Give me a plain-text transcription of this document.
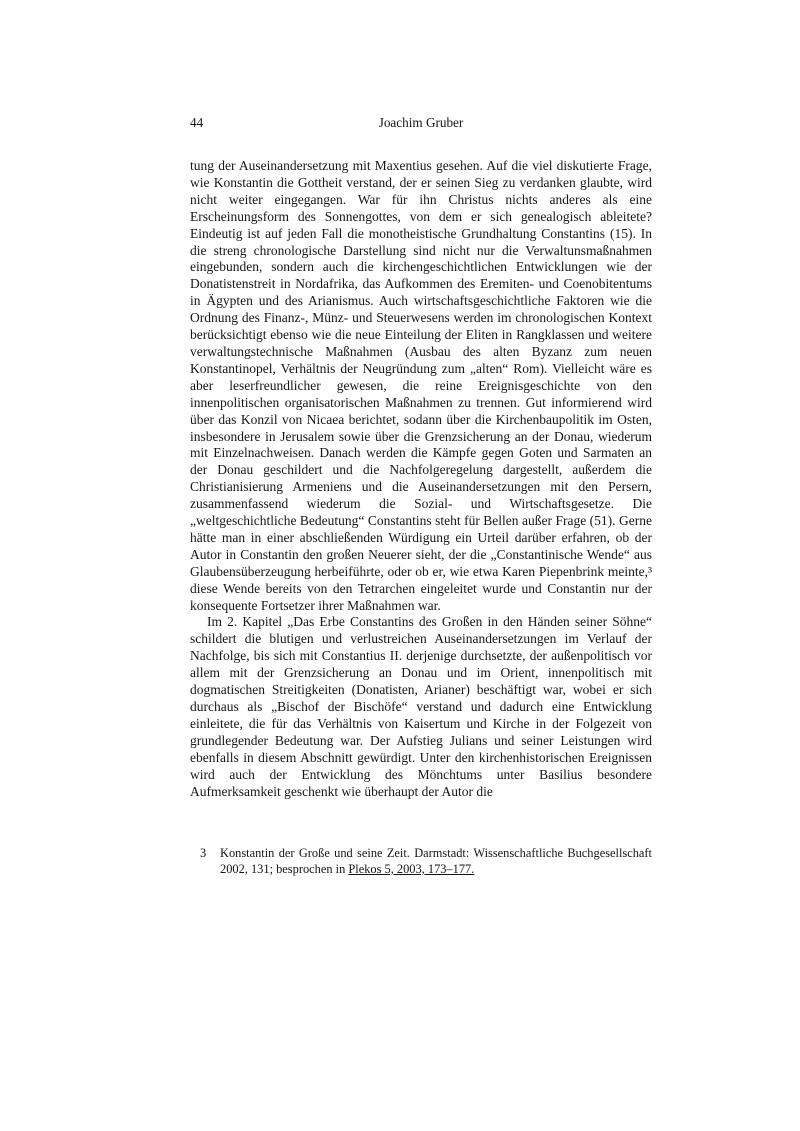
44	Joachim Gruber

tung der Auseinandersetzung mit Maxentius gesehen. Auf die viel diskutierte Frage, wie Konstantin die Gottheit verstand, der er seinen Sieg zu verdanken glaubte, wird nicht weiter eingegangen. War für ihn Christus nichts anderes als eine Erscheinungsform des Sonnengottes, von dem er sich genealogisch ableitete? Eindeutig ist auf jeden Fall die monotheistische Grundhaltung Constantins (15). In die streng chronologische Darstellung sind nicht nur die Verwaltunsmaßnahmen eingebunden, sondern auch die kirchengeschichtlichen Entwicklungen wie der Donatistenstreit in Nordafrika, das Aufkommen des Eremiten- und Coenobitentums in Ägypten und des Arianismus. Auch wirtschaftsgeschichtliche Faktoren wie die Ordnung des Finanz-, Münz- und Steuerwesens werden im chronologischen Kontext berücksichtigt ebenso wie die neue Einteilung der Eliten in Rangklassen und weitere verwaltungstechnische Maßnahmen (Ausbau des alten Byzanz zum neuen Konstantinopel, Verhältnis der Neugründung zum „alten“ Rom). Vielleicht wäre es aber leserfreundlicher gewesen, die reine Ereignisgeschichte von den innenpolitischen organisatorischen Maßnahmen zu trennen. Gut informierend wird über das Konzil von Nicaea berichtet, sodann über die Kirchenbaupolitik im Osten, insbesondere in Jerusalem sowie über die Grenzsicherung an der Donau, wiederum mit Einzelnachweisen. Danach werden die Kämpfe gegen Goten und Sarmaten an der Donau geschildert und die Nachfolgeregelung dargestellt, außerdem die Christianisierung Armeniens und die Auseinandersetzungen mit den Persern, zusammenfassend wiederum die Sozial- und Wirtschaftsgesetze. Die „weltgeschichtliche Bedeutung“ Constantins steht für Bellen außer Frage (51). Gerne hätte man in einer abschließenden Würdigung ein Urteil darüber erfahren, ob der Autor in Constantin den großen Neuerer sieht, der die „Constantinische Wende“ aus Glaubensüberzeugung herbeiführte, oder ob er, wie etwa Karen Piepenbrink meinte,³ diese Wende bereits von den Tetrarchen eingeleitet wurde und Constantin nur der konsequente Fortsetzer ihrer Maßnahmen war.

Im 2. Kapitel „Das Erbe Constantins des Großen in den Händen seiner Söhne“ schildert die blutigen und verlustreichen Auseinandersetzungen im Verlauf der Nachfolge, bis sich mit Constantius II. derjenige durchsetzte, der außenpolitisch vor allem mit der Grenzsicherung an Donau und im Orient, innenpolitisch mit dogmatischen Streitigkeiten (Donatisten, Arianer) beschäftigt war, wobei er sich durchaus als „Bischof der Bischöfe“ verstand und dadurch eine Entwicklung einleitete, die für das Verhältnis von Kaisertum und Kirche in der Folgezeit von grundlegender Bedeutung war. Der Aufstieg Julians und seiner Leistungen wird ebenfalls in diesem Abschnitt gewürdigt. Unter den kirchenhistorischen Ereignissen wird auch der Entwicklung des Mönchtums unter Basilius besondere Aufmerksamkeit geschenkt wie überhaupt der Autor die

3	Konstantin der Große und seine Zeit. Darmstadt: Wissenschaftliche Buchgesellschaft 2002, 131; besprochen in Plekos 5, 2003, 173–177.
